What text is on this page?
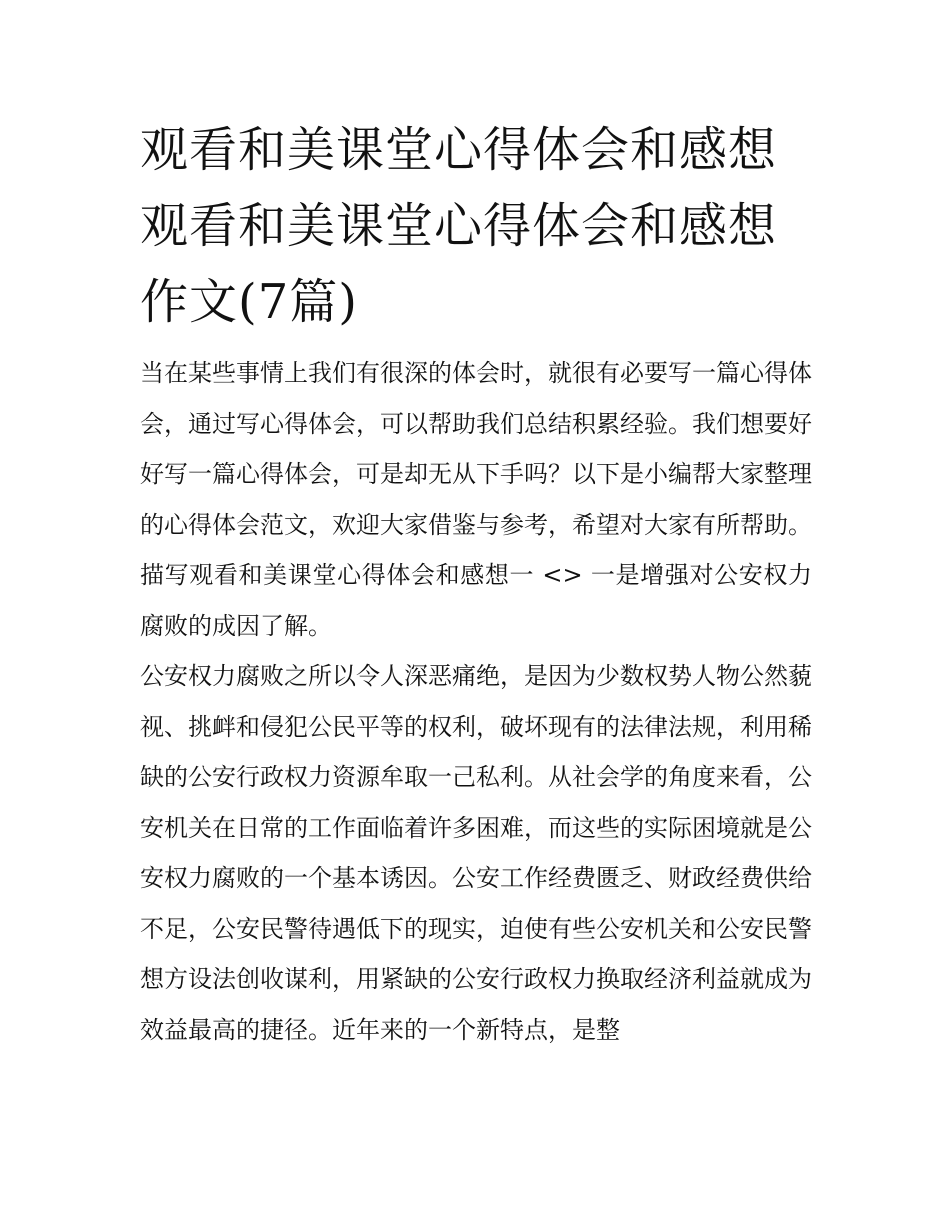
观看和美课堂心得体会和感想
观看和美课堂心得体会和感想
作文(7篇)

当在某些事情上我们有很深的体会时，就很有必要写一篇心得体会，通过写心得体会，可以帮助我们总结积累经验。我们想要好好写一篇心得体会，可是却无从下手吗？以下是小编帮大家整理的心得体会范文，欢迎大家借鉴与参考，希望对大家有所帮助。

描写观看和美课堂心得体会和感想一 <> 一是增强对公安权力腐败的成因了解。

公安权力腐败之所以令人深恶痛绝，是因为少数权势人物公然藐视、挑衅和侵犯公民平等的权利，破坏现有的法律法规，利用稀缺的公安行政权力资源牟取一己私利。从社会学的角度来看，公安机关在日常的工作面临着许多困难，而这些的实际困境就是公安权力腐败的一个基本诱因。公安工作经费匮乏、财政经费供给不足，公安民警待遇低下的现实，迫使有些公安机关和公安民警想方设法创收谋利，用紧缺的公安行政权力换取经济利益就成为效益最高的捷径。近年来的一个新特点，是整
